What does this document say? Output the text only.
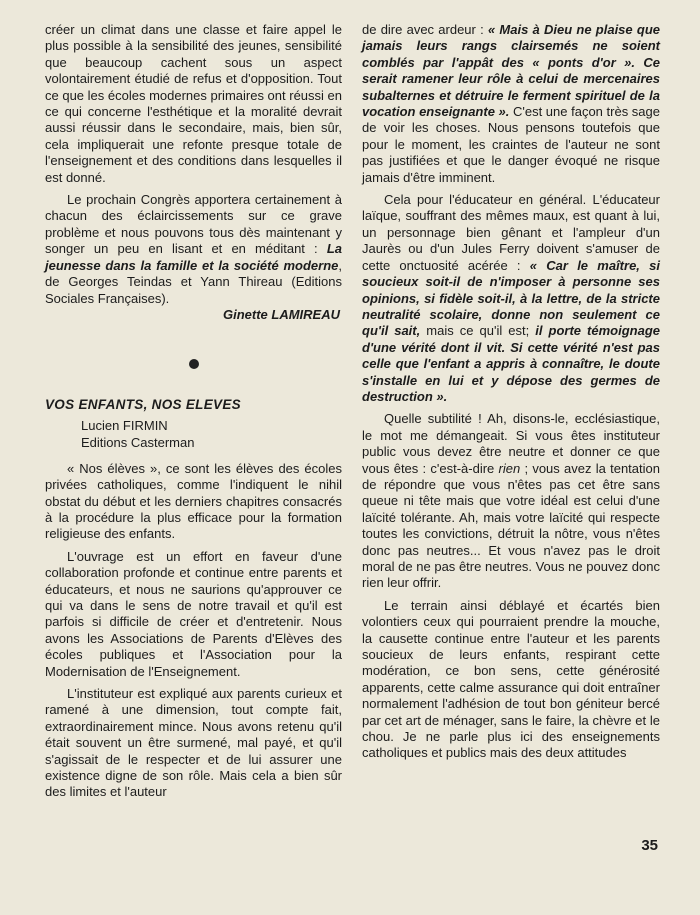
créer un climat dans une classe et faire appel le plus possible à la sensibilité des jeunes, sensibilité que beaucoup cachent sous un aspect volontairement étudié de refus et d'opposition. Tout ce que les écoles modernes primaires ont réussi en ce qui concerne l'esthétique et la moralité devrait aussi réussir dans le secondaire, mais, bien sûr, cela impliquerait une refonte presque totale de l'enseignement et des conditions dans lesquelles il est donné.

Le prochain Congrès apportera certainement à chacun des éclaircissements sur ce grave problème et nous pouvons tous dès maintenant y songer un peu en lisant et en méditant : La jeunesse dans la famille et la société moderne, de Georges Teindas et Yann Thireau (Editions Sociales Françaises).

Ginette LAMIREAU

VOS ENFANTS, NOS ELEVES
Lucien FIRMIN
Editions Casterman

« Nos élèves », ce sont les élèves des écoles privées catholiques, comme l'indiquent le nihil obstat du début et les derniers chapitres consacrés à la procédure la plus efficace pour la formation religieuse des enfants.

L'ouvrage est un effort en faveur d'une collaboration profonde et continue entre parents et éducateurs, et nous ne saurions qu'approuver ce qui va dans le sens de notre travail et qu'il est parfois si difficile de créer et d'entretenir. Nous avons les Associations de Parents d'Elèves des écoles publiques et l'Association pour la Modernisation de l'Enseignement.

L'instituteur est expliqué aux parents curieux et ramené à une dimension, tout compte fait, extraordinairement mince. Nous avons retenu qu'il était souvent un être surmené, mal payé, et qu'il s'agissait de le respecter et de lui assurer une existence digne de son rôle. Mais cela a bien sûr des limites et l'auteur

de dire avec ardeur : « Mais à Dieu ne plaise que jamais leurs rangs clairsemés ne soient comblés par l'appât des « ponts d'or ». Ce serait ramener leur rôle à celui de mercenaires subalternes et détruire le ferment spirituel de la vocation enseignante ». C'est une façon très sage de voir les choses. Nous pensons toutefois que pour le moment, les craintes de l'auteur ne sont pas justifiées et que le danger évoqué ne risque jamais d'être imminent.

Cela pour l'éducateur en général. L'éducateur laïque, souffrant des mêmes maux, est quant à lui, un personnage bien gênant et l'ampleur d'un Jaurès ou d'un Jules Ferry doivent s'amuser de cette onctuosité acérée : « Car le maître, si soucieux soit-il de n'imposer à personne ses opinions, si fidèle soit-il, à la lettre, de la stricte neutralité scolaire, donne non seulement ce qu'il sait, mais ce qu'il est; il porte témoignage d'une vérité dont il vit. Si cette vérité n'est pas celle que l'enfant a appris à connaître, le doute s'installe en lui et y dépose des germes de destruction ».

Quelle subtilité ! Ah, disons-le, ecclésiastique, le mot me démangeait. Si vous êtes instituteur public vous devez être neutre et donner ce que vous êtes : c'est-à-dire rien ; vous avez la tentation de répondre que vous n'êtes pas cet être sans queue ni tête mais que votre idéal est celui d'une laïcité tolérante. Ah, mais votre laïcité qui respecte toutes les convictions, détruit la nôtre, vous n'êtes donc pas neutres... Et vous n'avez pas le droit moral de ne pas être neutres. Vous ne pouvez donc rien leur offrir.

Le terrain ainsi déblayé et écartés bien volontiers ceux qui pourraient prendre la mouche, la causette continue entre l'auteur et les parents soucieux de leurs enfants, respirant cette modération, ce bon sens, cette générosité apparents, cette calme assurance qui doit entraîner normalement l'adhésion de tout bon géniteur bercé par cet art de ménager, sans le faire, la chèvre et le chou. Je ne parle plus ici des enseignements catholiques et publics mais des deux attitudes

35
